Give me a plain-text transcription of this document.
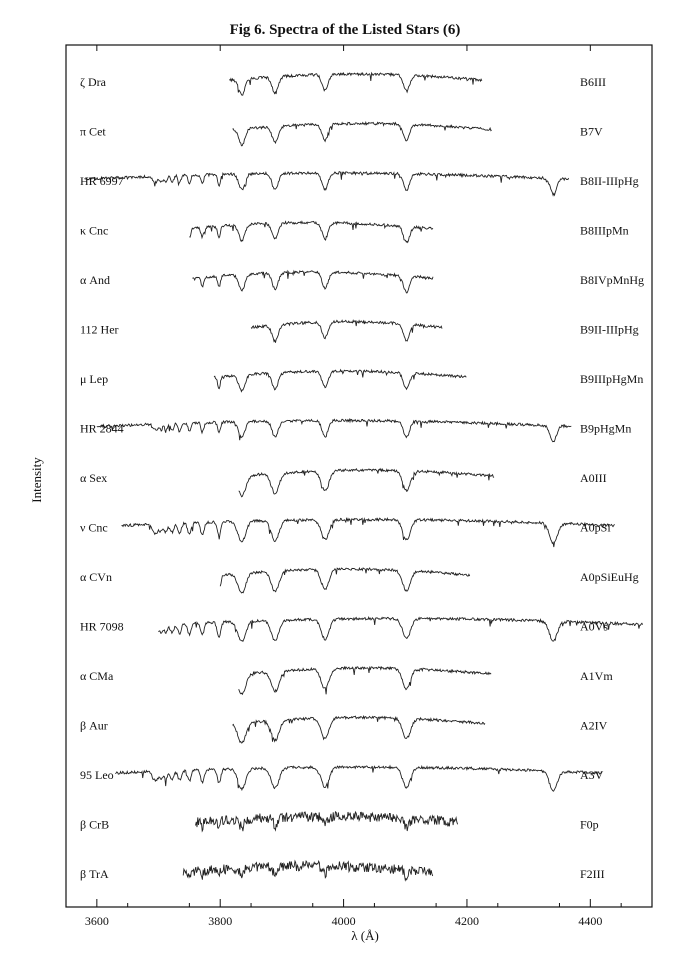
Fig 6. Spectra of the Listed Stars (6)
3600	3800	4000	4200	4400
ζ Dra	B6III
π Cet	B7V
HR 6997	B8II-IIIpHg
κ Cnc	B8IIIpMn
α And	B8IVpMnHg
112 Her	B9II-IIIpHg
μ Lep	B9IIIpHgMn
HR 2844	B9pHgMn
α Sex	A0III
ν Cnc	A0pSi
α CVn	A0pSiEuHg
HR 7098	A0Vs
α CMa	A1Vm
β Aur	A2IV
95 Leo	A3V
β CrB	F0p
β TrA	F2III
λ (Å)
Intensity
